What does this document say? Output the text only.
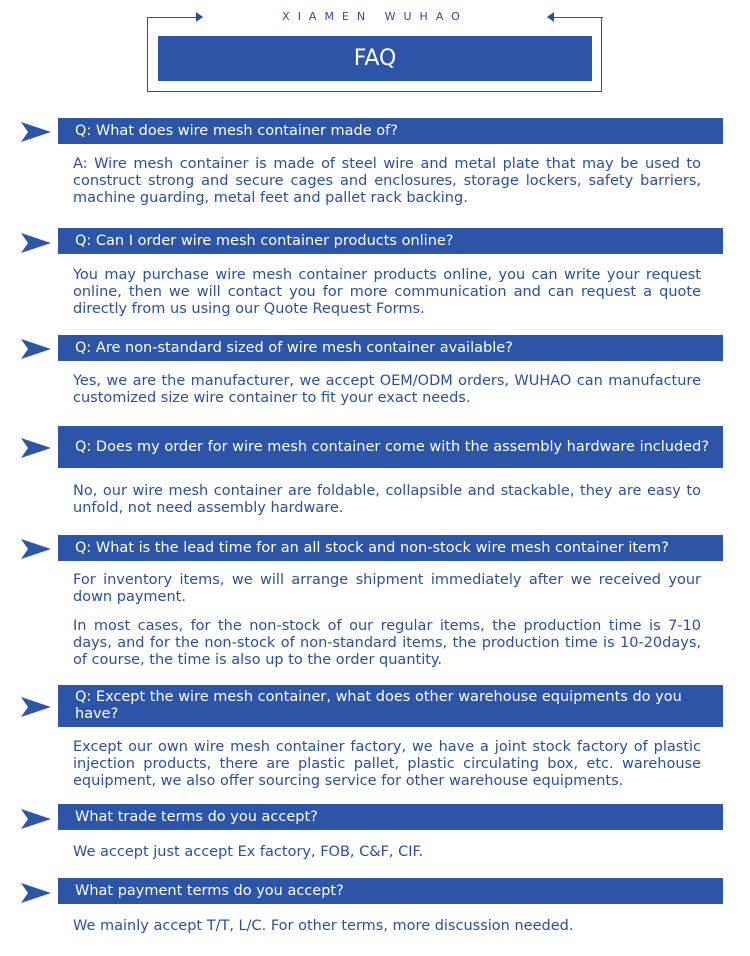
XIAMEN WUHAO
FAQ
Q: What does wire mesh container made of?
A: Wire mesh container is made of steel wire and metal plate that may be used to construct strong and secure cages and enclosures, storage lockers, safety barriers, machine guarding, metal feet and pallet rack backing.
Q: Can I order wire mesh container products online?
You may purchase wire mesh container products online, you can write your request online, then we will contact you for more communication and can request a quote directly from us using our Quote Request Forms.
Q: Are non-standard sized of wire mesh container available?
Yes, we are the manufacturer, we accept OEM/ODM orders, WUHAO can manufacture customized size wire container to fit your exact needs.
Q: Does my order for wire mesh container come with the assembly hardware included?
No, our wire mesh container are foldable, collapsible and stackable, they are easy to unfold, not need assembly hardware.
Q: What is the lead time for an all stock and non-stock wire mesh container item?
For inventory items, we will arrange shipment immediately after we received your down payment.
In most cases, for the non-stock of our regular items, the production time is 7-10 days, and for the non-stock of non-standard items, the production time is 10-20days, of course, the time is also up to the order quantity.
Q: Except the wire mesh container, what does other warehouse equipments do you have?
Except our own wire mesh container factory, we have a joint stock factory of plastic injection products, there are plastic pallet, plastic circulating box, etc. warehouse equipment, we also offer sourcing service for other warehouse equipments.
What trade terms do you accept?
We accept just accept Ex factory, FOB, C&F, CIF.
What payment terms do you accept?
We mainly accept T/T, L/C. For other terms, more discussion needed.
